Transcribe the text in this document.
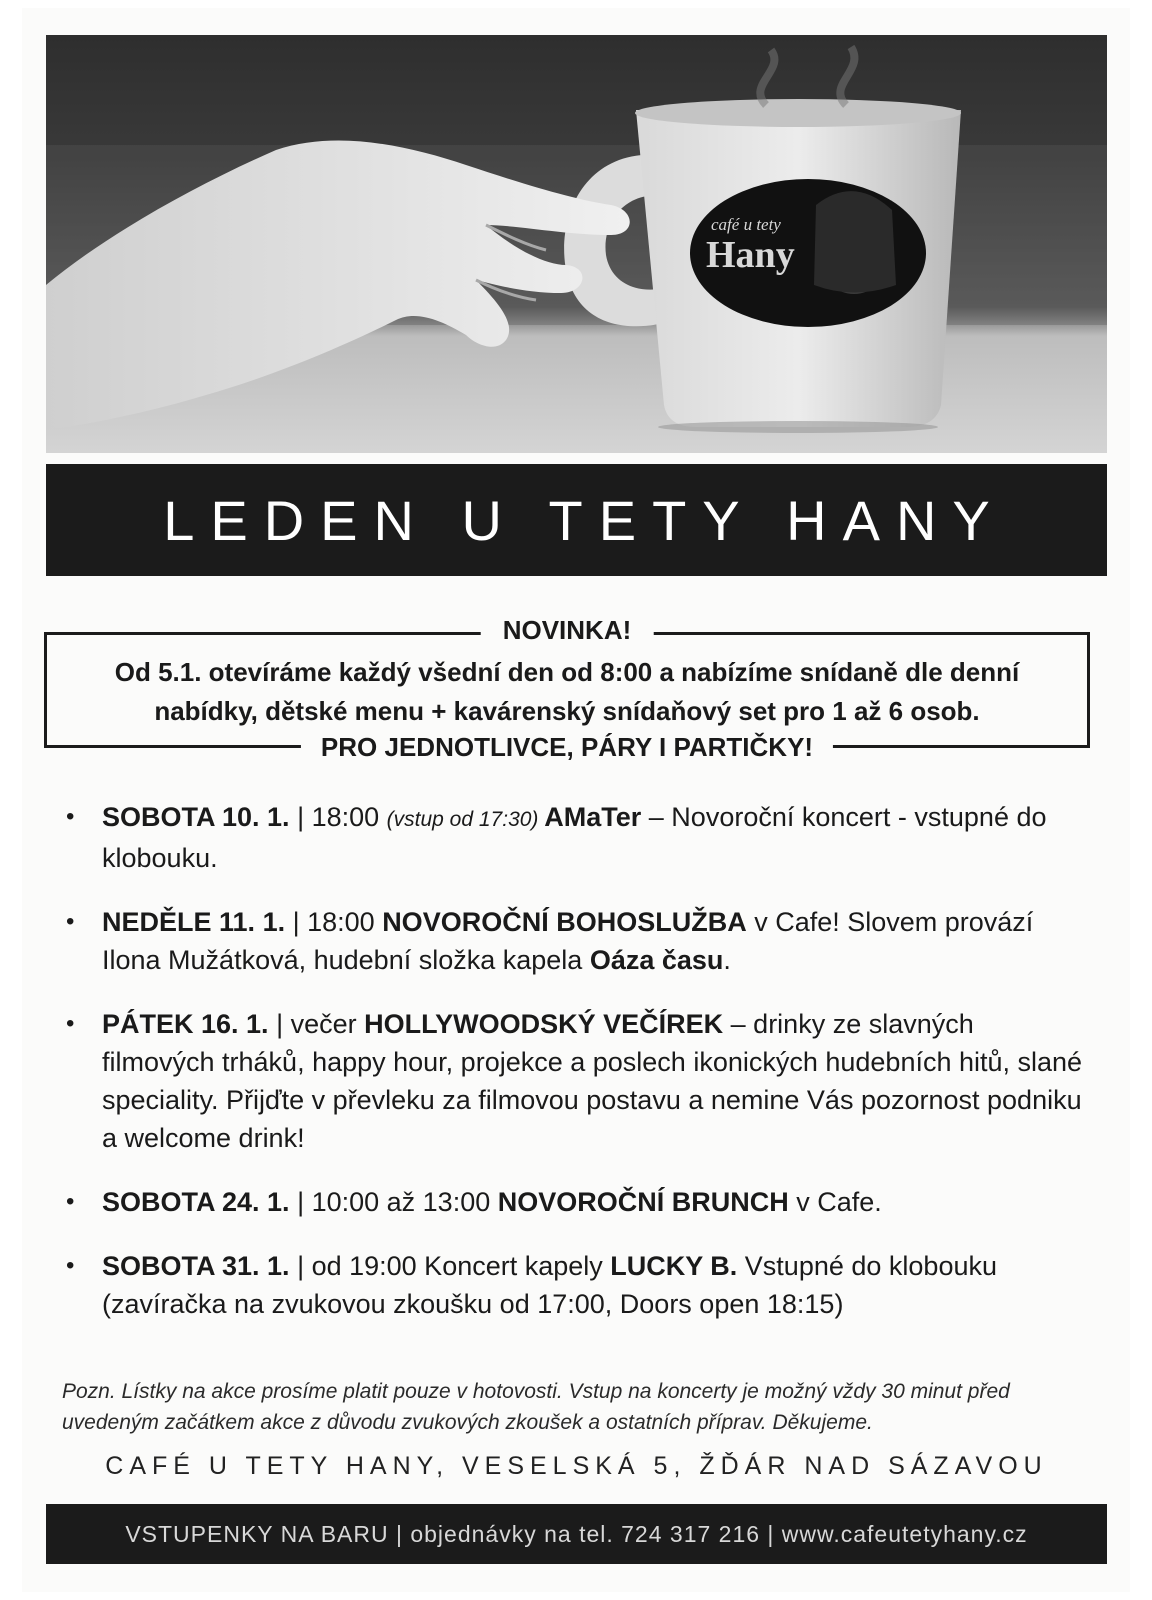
café u tety
Hany
LEDEN U TETY HANY
NOVINKA!
Od 5.1. otevíráme každý všední den od 8:00 a nabízíme snídaně dle denní
nabídky, dětské menu + kavárenský snídaňový set pro 1 až 6 osob.
PRO JEDNOTLIVCE, PÁRY I PARTIČKY!
• SOBOTA 10. 1. | 18:00 (vstup od 17:30) AMaTer – Novoroční koncert - vstupné do klobouku.
• NEDĚLE 11. 1. | 18:00 NOVOROČNÍ BOHOSLUŽBA v Cafe! Slovem provází Ilona Mužátková, hudební složka kapela Oáza času.
• PÁTEK 16. 1. | večer HOLLYWOODSKÝ VEČÍREK – drinky ze slavných filmových trháků, happy hour, projekce a poslech ikonických hudebních hitů, slané speciality. Přijďte v převleku za filmovou postavu a nemine Vás pozornost podniku a welcome drink!
• SOBOTA 24. 1. | 10:00 až 13:00 NOVOROČNÍ BRUNCH v Cafe.
• SOBOTA 31. 1. | od 19:00 Koncert kapely LUCKY B. Vstupné do klobouku (zavíračka na zvukovou zkoušku od 17:00, Doors open 18:15)
Pozn. Lístky na akce prosíme platit pouze v hotovosti. Vstup na koncerty je možný vždy 30 minut před uvedeným začátkem akce z důvodu zvukových zkoušek a ostatních příprav. Děkujeme.
CAFÉ U TETY HANY, VESELSKÁ 5, ŽĎÁR NAD SÁZAVOU
VSTUPENKY NA BARU | objednávky na tel. 724 317 216 | www.cafeutetyhany.cz
